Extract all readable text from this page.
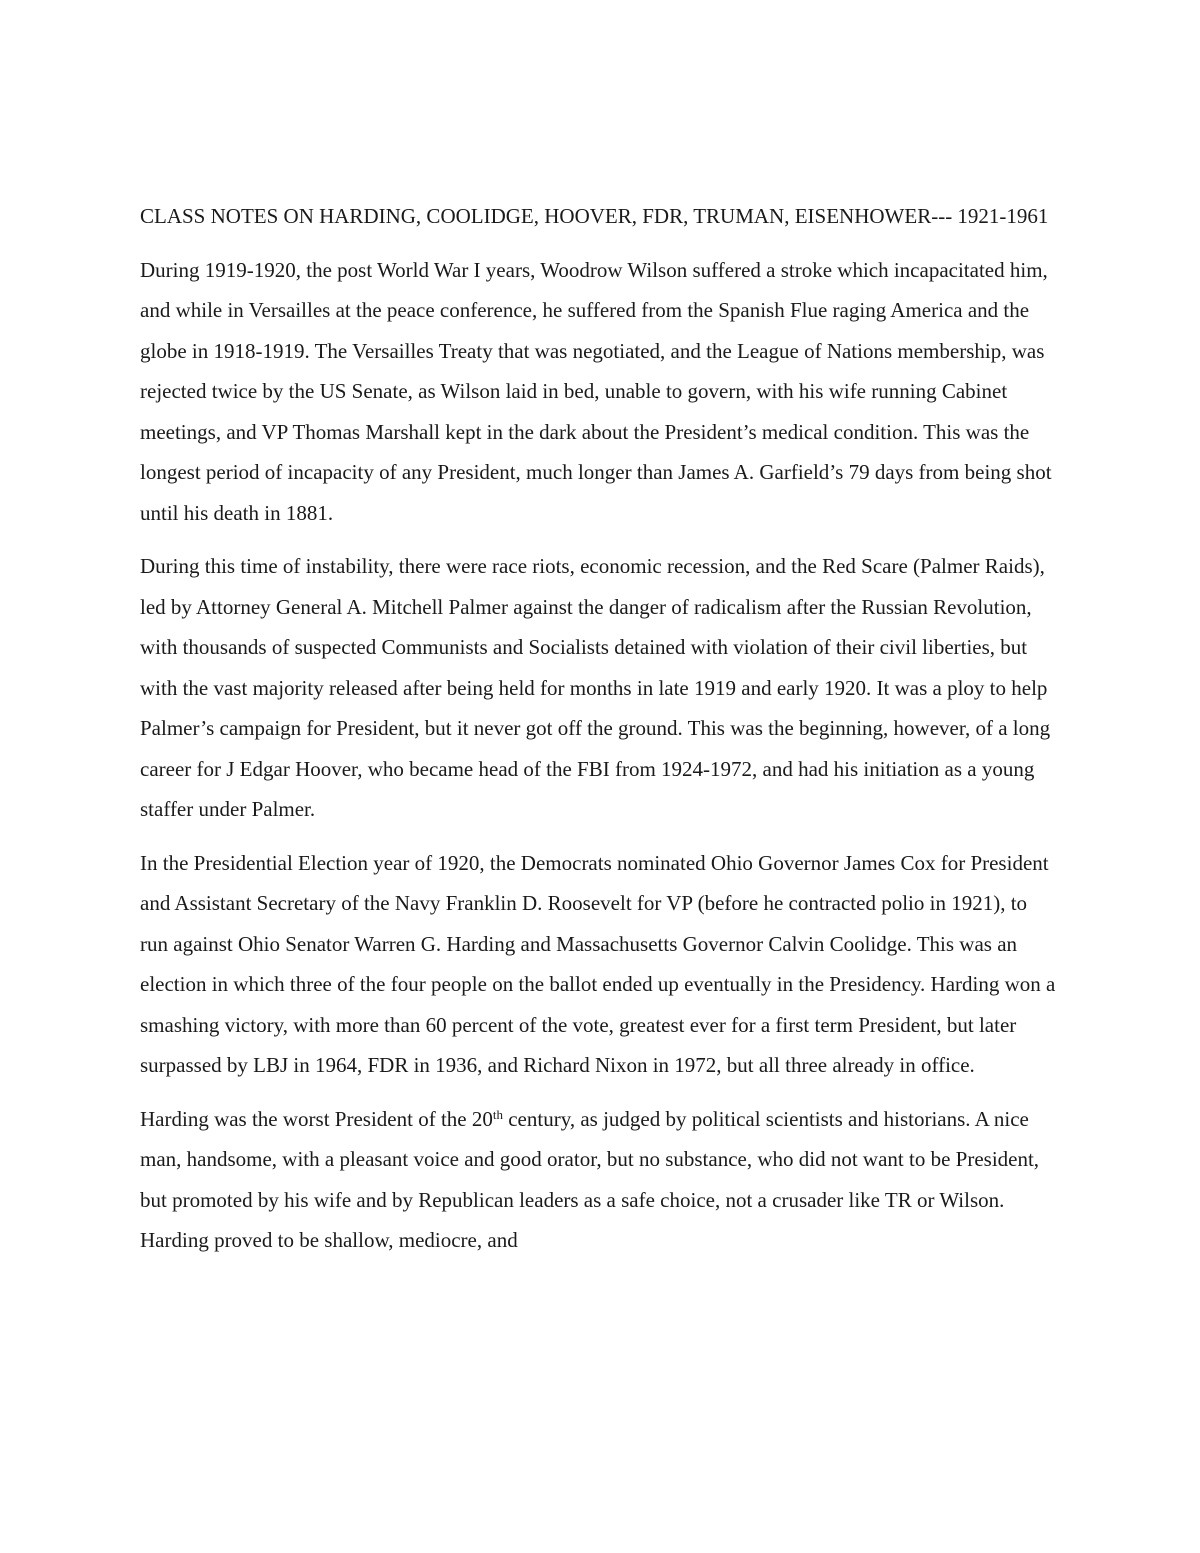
CLASS NOTES ON HARDING, COOLIDGE, HOOVER, FDR, TRUMAN, EISENHOWER--- 1921-1961

During 1919-1920, the post World War I years, Woodrow Wilson suffered a stroke which incapacitated him, and while in Versailles at the peace conference, he suffered from the Spanish Flue raging America and the globe in 1918-1919. The Versailles Treaty that was negotiated, and the League of Nations membership, was rejected twice by the US Senate, as Wilson laid in bed, unable to govern, with his wife running Cabinet meetings, and VP Thomas Marshall kept in the dark about the President’s medical condition. This was the longest period of incapacity of any President, much longer than James A. Garfield’s 79 days from being shot until his death in 1881.

During this time of instability, there were race riots, economic recession, and the Red Scare (Palmer Raids), led by Attorney General A. Mitchell Palmer against the danger of radicalism after the Russian Revolution, with thousands of suspected Communists and Socialists detained with violation of their civil liberties, but with the vast majority released after being held for months in late 1919 and early 1920. It was a ploy to help Palmer’s campaign for President, but it never got off the ground. This was the beginning, however, of a long career for J Edgar Hoover, who became head of the FBI from 1924-1972, and had his initiation as a young staffer under Palmer.

In the Presidential Election year of 1920, the Democrats nominated Ohio Governor James Cox for President and Assistant Secretary of the Navy Franklin D. Roosevelt for VP (before he contracted polio in 1921), to run against Ohio Senator Warren G. Harding and Massachusetts Governor Calvin Coolidge. This was an election in which three of the four people on the ballot ended up eventually in the Presidency. Harding won a smashing victory, with more than 60 percent of the vote, greatest ever for a first term President, but later surpassed by LBJ in 1964, FDR in 1936, and Richard Nixon in 1972, but all three already in office.

Harding was the worst President of the 20th century, as judged by political scientists and historians. A nice man, handsome, with a pleasant voice and good orator, but no substance, who did not want to be President, but promoted by his wife and by Republican leaders as a safe choice, not a crusader like TR or Wilson. Harding proved to be shallow, mediocre, and
